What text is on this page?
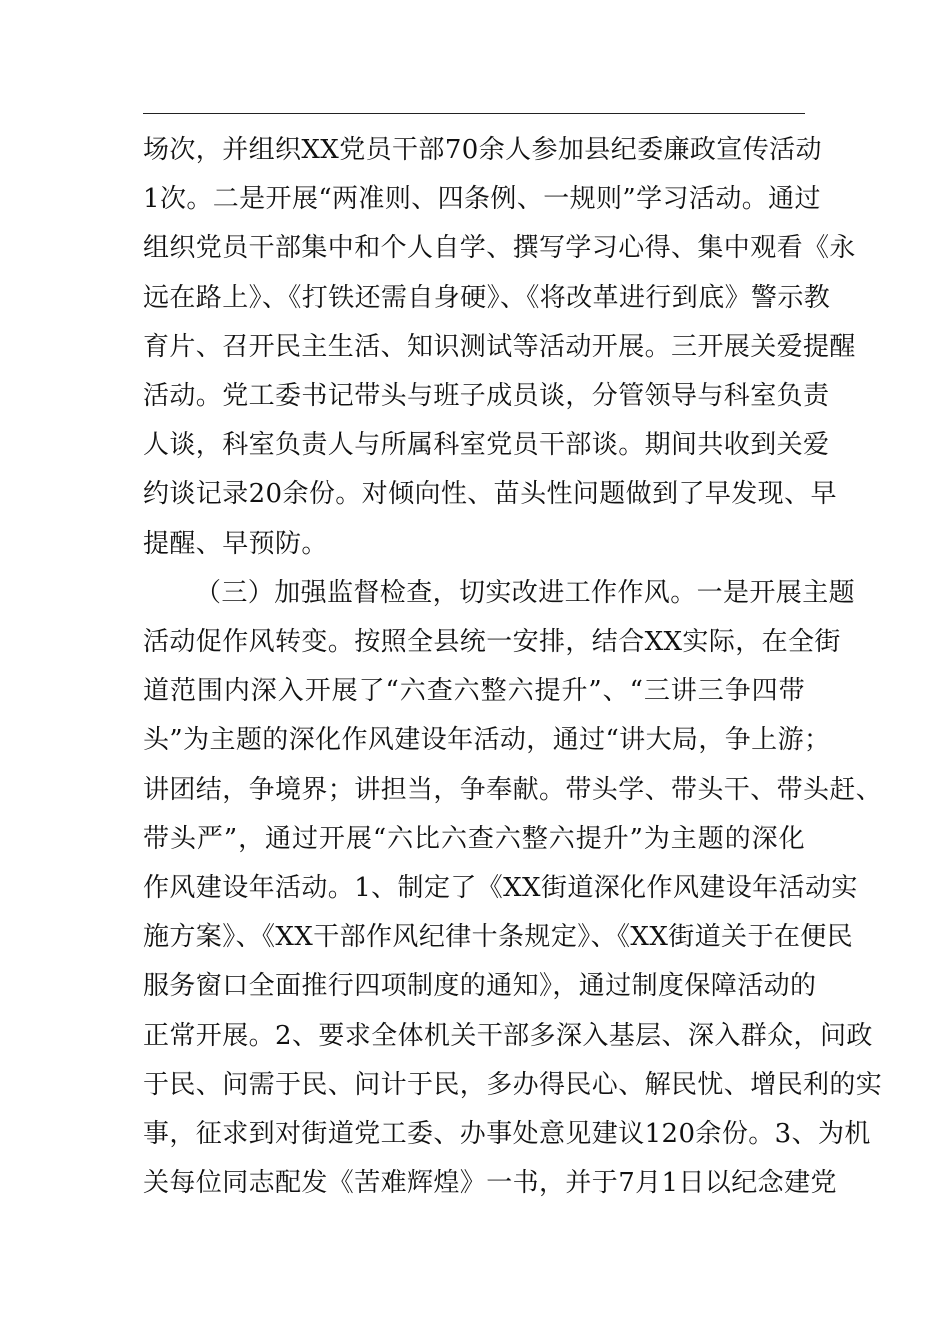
场次，并组织XX党员干部70余人参加县纪委廉政宣传活动
1次。二是开展“两准则、四条例、一规则”学习活动。通过
组织党员干部集中和个人自学、撰写学习心得、集中观看《永
远在路上》、《打铁还需自身硬》、《将改革进行到底》警示教
育片、召开民主生活、知识测试等活动开展。三开展关爱提醒
活动。党工委书记带头与班子成员谈，分管领导与科室负责
人谈，科室负责人与所属科室党员干部谈。期间共收到关爱
约谈记录20余份。对倾向性、苗头性问题做到了早发现、早
提醒、早预防。
（三）加强监督检查，切实改进工作作风。一是开展主题
活动促作风转变。按照全县统一安排，结合XX实际，在全街
道范围内深入开展了“六查六整六提升”、“三讲三争四带
头”为主题的深化作风建设年活动，通过“讲大局，争上游；
讲团结，争境界；讲担当，争奉献。带头学、带头干、带头赶、
带头严”，通过开展“六比六查六整六提升”为主题的深化
作风建设年活动。1、制定了《XX街道深化作风建设年活动实
施方案》、《XX干部作风纪律十条规定》、《XX街道关于在便民
服务窗口全面推行四项制度的通知》，通过制度保障活动的
正常开展。2、要求全体机关干部多深入基层、深入群众，问政
于民、问需于民、问计于民，多办得民心、解民忧、增民利的实
事，征求到对街道党工委、办事处意见建议120余份。3、为机
关每位同志配发《苦难辉煌》一书，并于7月1日以纪念建党
